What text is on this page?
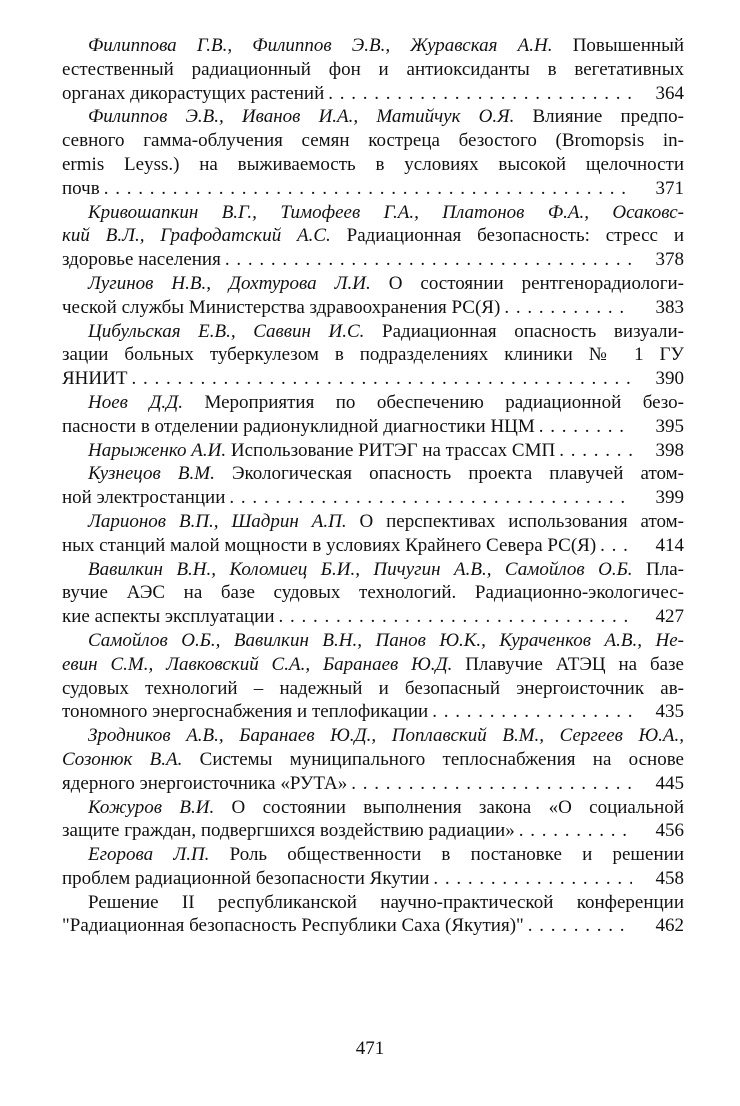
Филиппова Г.В., Филиппов Э.В., Журавская А.Н. Повышенный
естественный радиационный фон и антиоксиданты в вегетативных
органах дикорастущих растений . . .	364
Филиппов Э.В., Иванов И.А., Матийчук О.Я. Влияние предпо-
севного гамма-облучения семян костреца безостого (Bromopsis in-
ermis Leyss.) на выживаемость в условиях высокой щелочности
почв . . .	371
Кривошапкин В.Г., Тимофеев Г.А., Платонов Ф.А., Осаковс-
кий В.Л., Графодатский А.С. Радиационная безопасность: стресс и
здоровье населения . . .	378
Лугинов Н.В., Дохтурова Л.И. О состоянии рентгенорадиологи-
ческой службы Министерства здравоохранения РС(Я) . . .	383
Цибульская Е.В., Саввин И.С. Радиационная опасность визуали-
зации больных туберкулезом в подразделениях клиники № 1 ГУ
ЯНИИТ . . .	390
Ноев Д.Д. Мероприятия по обеспечению радиационной безо-
пасности в отделении радионуклидной диагностики НЦМ . . .	395
Нарыженко А.И. Использование РИТЭГ на трассах СМП . . .	398
Кузнецов В.М. Экологическая опасность проекта плавучей атом-
ной электростанции . . .	399
Ларионов В.П., Шадрин А.П. О перспективах использования атом-
ных станций малой мощности в условиях Крайнего Севера РС(Я) . . .	414
Вавилкин В.Н., Коломиец Б.И., Пичугин А.В., Самойлов О.Б. Пла-
вучие АЭС на базе судовых технологий. Радиационно-экологичес-
кие аспекты эксплуатации . . .	427
Самойлов О.Б., Вавилкин В.Н., Панов Ю.К., Кураченков А.В., Не-
евин С.М., Лавковский С.А., Баранаев Ю.Д. Плавучие АТЭЦ на базе
судовых технологий – надежный и безопасный энергоисточник ав-
тономного энергоснабжения и теплофикации . . .	435
Зродников А.В., Баранаев Ю.Д., Поплавский В.М., Сергеев Ю.А.,
Созонюк В.А. Системы муниципального теплоснабжения на основе
ядерного энергоисточника «РУТА» . . .	445
Кожуров В.И. О состоянии выполнения закона «О социальной
защите граждан, подвергшихся воздействию радиации» . . .	456
Егорова Л.П. Роль общественности в постановке и решении
проблем радиационной безопасности Якутии . . .	458
Решение II республиканской научно-практической конференции
"Радиационная безопасность Республики Саха (Якутия)" . . .	462
471
